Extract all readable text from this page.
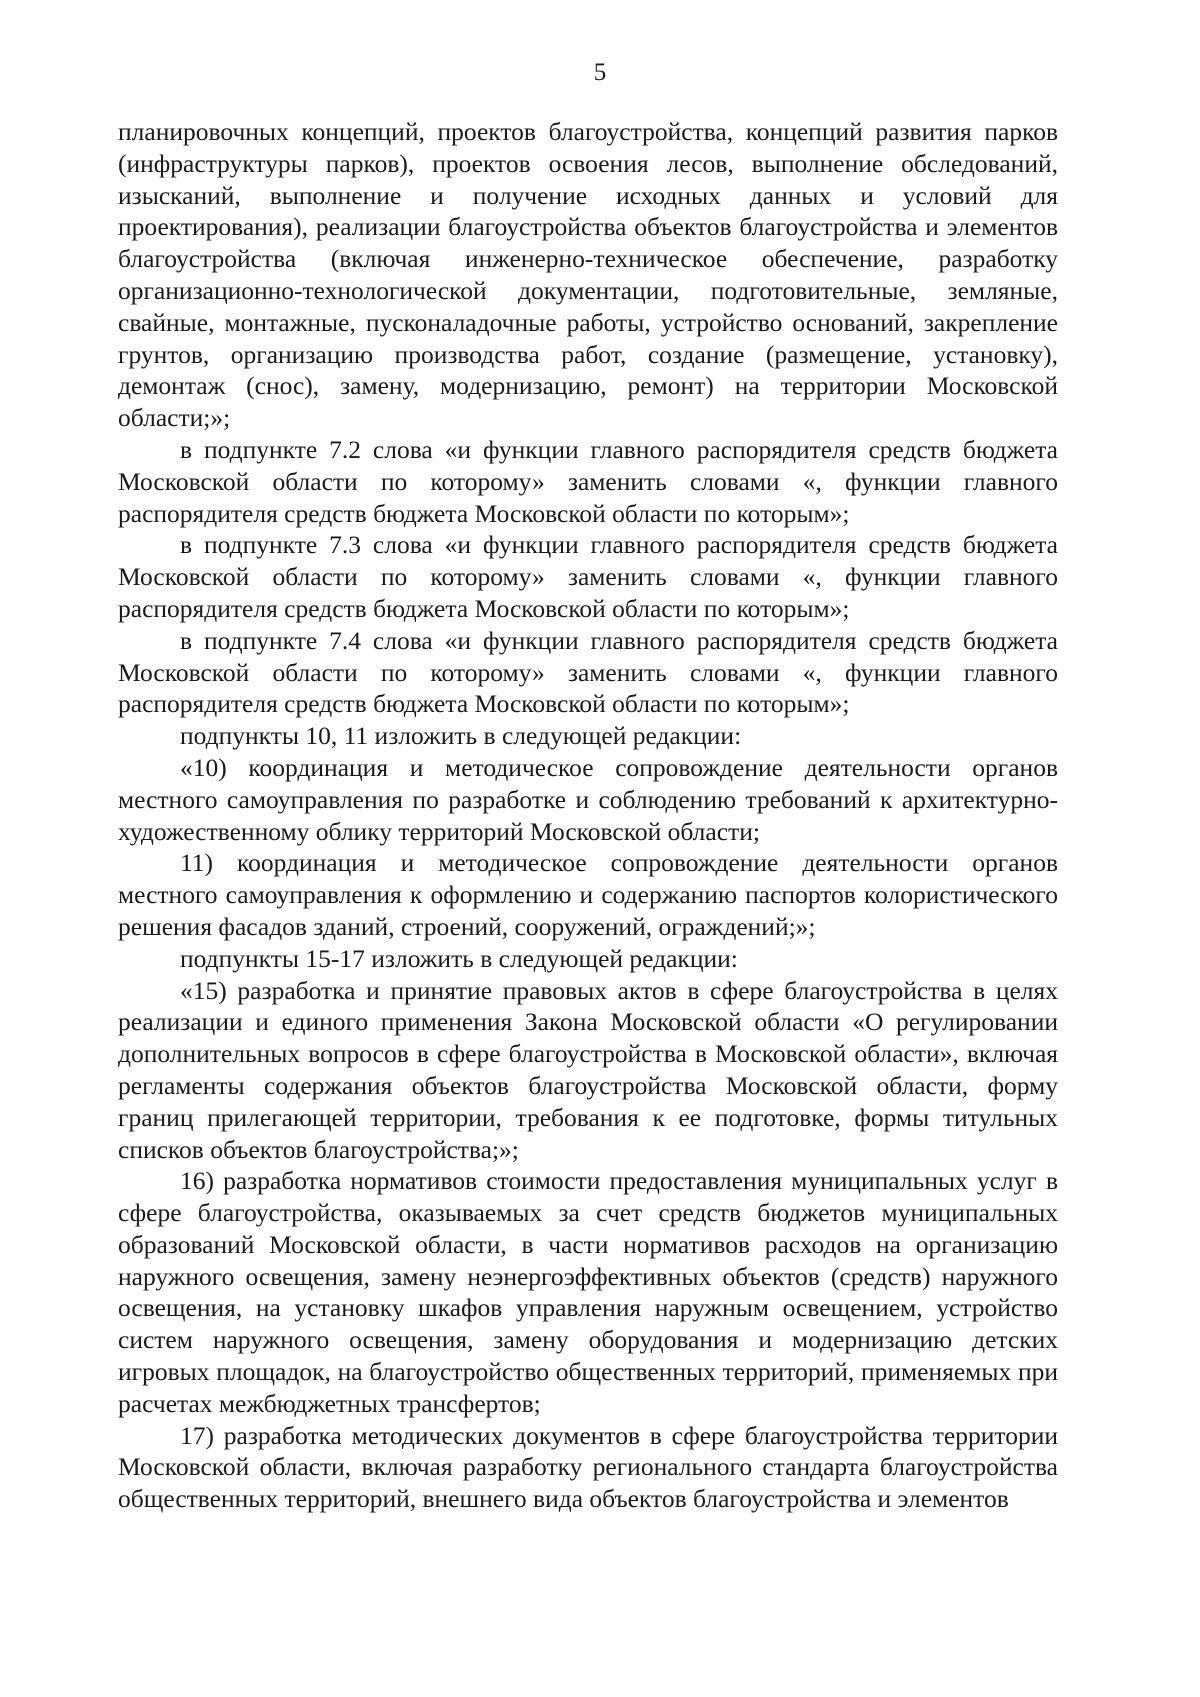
5

планировочных концепций, проектов благоустройства, концепций развития парков (инфраструктуры парков), проектов освоения лесов, выполнение обследований, изысканий, выполнение и получение исходных данных и условий для проектирования), реализации благоустройства объектов благоустройства и элементов благоустройства (включая инженерно-техническое обеспечение, разработку организационно-технологической документации, подготовительные, земляные, свайные, монтажные, пусконаладочные работы, устройство оснований, закрепление грунтов, организацию производства работ, создание (размещение, установку), демонтаж (снос), замену, модернизацию, ремонт) на территории Московской области;»;

в подпункте 7.2 слова «и функции главного распорядителя средств бюджета Московской области по которому» заменить словами «, функции главного распорядителя средств бюджета Московской области по которым»;

в подпункте 7.3 слова «и функции главного распорядителя средств бюджета Московской области по которому» заменить словами «, функции главного распорядителя средств бюджета Московской области по которым»;

в подпункте 7.4 слова «и функции главного распорядителя средств бюджета Московской области по которому» заменить словами «, функции главного распорядителя средств бюджета Московской области по которым»;

подпункты 10, 11 изложить в следующей редакции:

«10) координация и методическое сопровождение деятельности органов местного самоуправления по разработке и соблюдению требований к архитектурно-художественному облику территорий Московской области;

11) координация и методическое сопровождение деятельности органов местного самоуправления к оформлению и содержанию паспортов колористического решения фасадов зданий, строений, сооружений, ограждений;»;

подпункты 15-17 изложить в следующей редакции:

«15) разработка и принятие правовых актов в сфере благоустройства в целях реализации и единого применения Закона Московской области «О регулировании дополнительных вопросов в сфере благоустройства в Московской области», включая регламенты содержания объектов благоустройства Московской области, форму границ прилегающей территории, требования к ее подготовке, формы титульных списков объектов благоустройства;»;

16) разработка нормативов стоимости предоставления муниципальных услуг в сфере благоустройства, оказываемых за счет средств бюджетов муниципальных образований Московской области, в части нормативов расходов на организацию наружного освещения, замену неэнергоэффективных объектов (средств) наружного освещения, на установку шкафов управления наружным освещением, устройство систем наружного освещения, замену оборудования и модернизацию детских игровых площадок, на благоустройство общественных территорий, применяемых при расчетах межбюджетных трансфертов;

17) разработка методических документов в сфере благоустройства территории Московской области, включая разработку регионального стандарта благоустройства общественных территорий, внешнего вида объектов благоустройства и элементов
